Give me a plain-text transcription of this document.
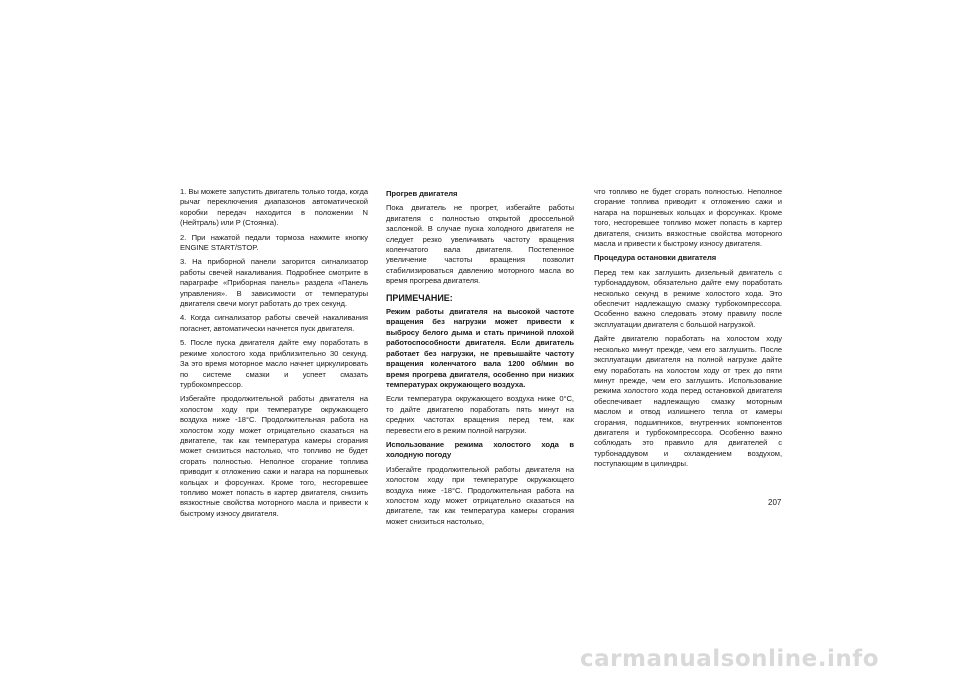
1. Вы можете запустить двигатель только тогда, когда рычаг переключения диапазонов автоматической коробки передач находится в положении N (Нейтраль) или P (Стоянка).

2. При нажатой педали тормоза нажмите кнопку ENGINE START/STOP.

3. На приборной панели загорится сигнализатор работы свечей накаливания. Подробнее смотрите в параграфе «Приборная панель» раздела «Панель управления». В зависимости от температуры двигателя свечи могут работать до трех секунд.

4. Когда сигнализатор работы свечей накаливания погаснет, автоматически начнется пуск двигателя.

5. После пуска двигателя дайте ему поработать в режиме холостого хода приблизительно 30 секунд. За это время моторное масло начнет циркулировать по системе смазки и успеет смазать турбокомпрессор.

Избегайте продолжительной работы двигателя на холостом ходу при температуре окружающего воздуха ниже -18°С. Продолжительная работа на холостом ходу может отрицательно сказаться на двигателе, так как температура камеры сгорания может снизиться настолько, что топливо не будет сгорать полностью. Неполное сгорание топлива приводит к отложению сажи и нагара на поршневых кольцах и форсунках. Кроме того, несгоревшее топливо может попасть в картер двигателя, снизить вязкостные свойства моторного масла и привести к быстрому износу двигателя.

Прогрев двигателя

Пока двигатель не прогрет, избегайте работы двигателя с полностью открытой дроссельной заслонкой. В случае пуска холодного двигателя не следует резко увеличивать частоту вращения коленчатого вала двигателя. Постепенное увеличение частоты вращения позволит стабилизироваться давлению моторного масла во время прогрева двигателя.

ПРИМЕЧАНИЕ:

Режим работы двигателя на высокой частоте вращения без нагрузки может привести к выбросу белого дыма и стать причиной плохой работоспособности двигателя. Если двигатель работает без нагрузки, не превышайте частоту вращения коленчатого вала 1200 об/мин во время прогрева двигателя, особенно при низких температурах окружающего воздуха.

Если температура окружающего воздуха ниже 0°С, то дайте двигателю поработать пять минут на средних частотах вращения перед тем, как перевести его в режим полной нагрузки.

Использование режима холостого хода в холодную погоду

Избегайте продолжительной работы двигателя на холостом ходу при температуре окружающего воздуха ниже -18°С. Продолжительная работа на холостом ходу может отрицательно сказаться на двигателе, так как температура камеры сгорания может снизиться настолько,

что топливо не будет сгорать полностью. Неполное сгорание топлива приводит к отложению сажи и нагара на поршневых кольцах и форсунках. Кроме того, несгоревшее топливо может попасть в картер двигателя, снизить вязкостные свойства моторного масла и привести к быстрому износу двигателя.

Процедура остановки двигателя

Перед тем как заглушить дизельный двигатель с турбонаддувом, обязательно дайте ему поработать несколько секунд в режиме холостого хода. Это обеспечит надлежащую смазку турбокомпрессора. Особенно важно следовать этому правилу после эксплуатации двигателя с большой нагрузкой.

Дайте двигателю поработать на холостом ходу несколько минут прежде, чем его заглушить. После эксплуатации двигателя на полной нагрузке дайте ему поработать на холостом ходу от трех до пяти минут прежде, чем его заглушить. Использование режима холостого хода перед остановкой двигателя обеспечивает надлежащую смазку моторным маслом и отвод излишнего тепла от камеры сгорания, подшипников, внутренних компонентов двигателя и турбокомпрессора. Особенно важно соблюдать это правило для двигателей с турбонаддувом и охлаждением воздухом, поступающим в цилиндры.

207
carmanualsonline.info
